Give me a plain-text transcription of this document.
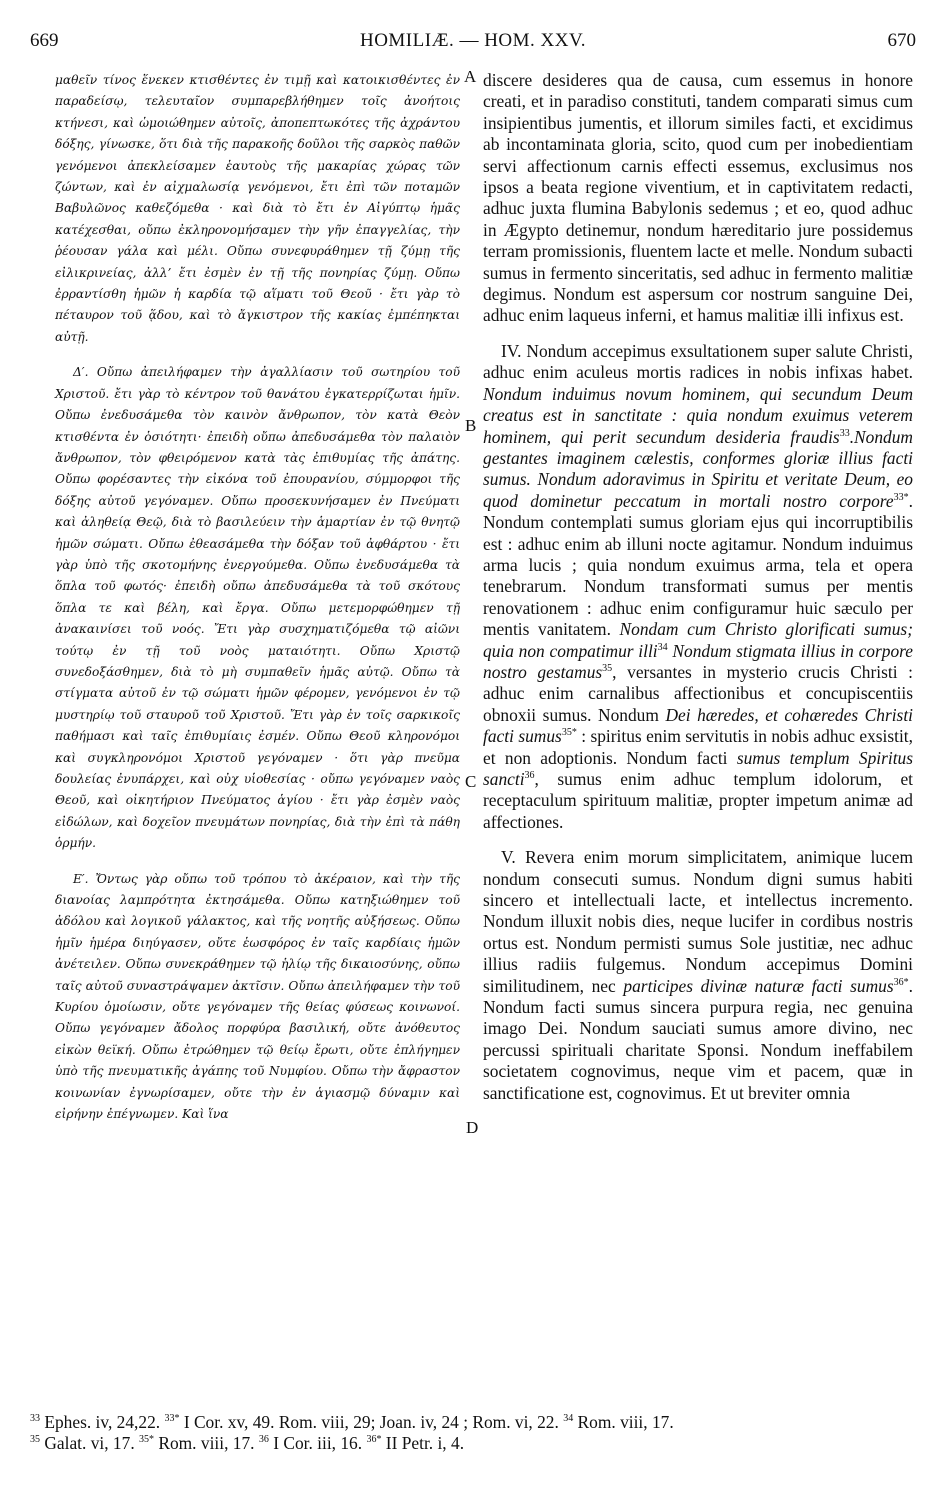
669	HOMILIÆ. — HOM. XXV.	670
A
B
C
D

μαθεῖν τίνος ἕνεκεν κτισθέντες ἐν τιμῇ καὶ κατοικισθέντες ἐν παραδείσῳ, τελευταῖον συμπαρεβλήθημεν τοῖς ἀνοήτοις κτήνεσι, καὶ ὡμοιώθημεν αὐτοῖς, ἀποπεπτωκότες τῆς ἀχράντου δόξης, γίνωσκε, ὅτι διὰ τῆς παρακοῆς δοῦλοι τῆς σαρκὸς παθῶν γενόμενοι ἀπεκλείσαμεν ἑαυτοὺς τῆς μακαρίας χώρας τῶν ζώντων, καὶ ἐν αἰχμαλωσίᾳ γενόμενοι, ἔτι ἐπὶ τῶν ποταμῶν Βαβυλῶνος καθεζόμεθα · καὶ διὰ τὸ ἔτι ἐν Αἰγύπτῳ ἡμᾶς κατέχεσθαι, οὔπω ἐκληρονομήσαμεν τὴν γῆν ἐπαγγελίας, τὴν ῥέουσαν γάλα καὶ μέλι. Οὔπω συνεφυράθημεν τῇ ζύμῃ τῆς εἰλικρινείας, ἀλλ’ ἔτι ἐσμὲν ἐν τῇ τῆς πονηρίας ζύμῃ. Οὔπω ἐρραντίσθη ἡμῶν ἡ καρδία τῷ αἵματι τοῦ Θεοῦ · ἔτι γὰρ τὸ πέταυρον τοῦ ᾅδου, καὶ τὸ ἄγκιστρον τῆς κακίας ἐμπέπηκται αὐτῇ.

Δ′. Οὔπω ἀπειλήφαμεν τὴν ἀγαλλίασιν τοῦ σωτηρίου τοῦ Χριστοῦ. ἔτι γὰρ τὸ κέντρον τοῦ θανάτου ἐγκατερρίζωται ἡμῖν. Οὔπω ἐνεδυσάμεθα τὸν καινὸν ἄνθρωπον, τὸν κατὰ Θεὸν κτισθέντα ἐν ὁσιότητι· ἐπειδὴ οὔπω ἀπεδυσάμεθα τὸν παλαιὸν ἄνθρωπον, τὸν φθειρόμενον κατὰ τὰς ἐπιθυμίας τῆς ἀπάτης. Οὔπω φορέσαντες τὴν εἰκόνα τοῦ ἐπουρανίου, σύμμορφοι τῆς δόξης αὐτοῦ γεγόναμεν. Οὔπω προσεκυνήσαμεν ἐν Πνεύματι καὶ ἀληθείᾳ Θεῷ, διὰ τὸ βασιλεύειν τὴν ἁμαρτίαν ἐν τῷ θνητῷ ἡμῶν σώματι. Οὔπω ἐθεασάμεθα τὴν δόξαν τοῦ ἀφθάρτου · ἔτι γὰρ ὑπὸ τῆς σκοτομήνης ἐνεργούμεθα. Οὔπω ἐνεδυσάμεθα τὰ ὅπλα τοῦ φωτός· ἐπειδὴ οὔπω ἀπεδυσάμεθα τὰ τοῦ σκότους ὅπλα τε καὶ βέλη, καὶ ἔργα. Οὔπω μετεμορφώθημεν τῇ ἀνακαινίσει τοῦ νοός. Ἔτι γὰρ συσχηματιζόμεθα τῷ αἰῶνι τούτῳ ἐν τῇ τοῦ νοὸς ματαιότητι. Οὔπω Χριστῷ συνεδοξάσθημεν, διὰ τὸ μὴ συμπαθεῖν ἡμᾶς αὐτῷ. Οὔπω τὰ στίγματα αὐτοῦ ἐν τῷ σώματι ἡμῶν φέρομεν, γενόμενοι ἐν τῷ μυστηρίῳ τοῦ σταυροῦ τοῦ Χριστοῦ. Ἔτι γὰρ ἐν τοῖς σαρκικοῖς παθήμασι καὶ ταῖς ἐπιθυμίαις ἐσμέν. Οὔπω Θεοῦ κληρονόμοι καὶ συγκληρονόμοι Χριστοῦ γεγόναμεν · ὅτι γὰρ πνεῦμα δουλείας ἐνυπάρχει, καὶ οὐχ υἱοθεσίας · οὔπω γεγόναμεν ναὸς Θεοῦ, καὶ οἰκητήριον Πνεύματος ἁγίου · ἔτι γὰρ ἐσμὲν ναὸς εἰδώλων, καὶ δοχεῖον πνευμάτων πονηρίας, διὰ τὴν ἐπὶ τὰ πάθη ὁρμήν.

Ε′. Ὄντως γὰρ οὔπω τοῦ τρόπου τὸ ἀκέραιον, καὶ τὴν τῆς διανοίας λαμπρότητα ἐκτησάμεθα. Οὔπω κατηξιώθημεν τοῦ ἀδόλου καὶ λογικοῦ γάλακτος, καὶ τῆς νοητῆς αὐξήσεως. Οὔπω ἡμῖν ἡμέρα διηύγασεν, οὔτε ἑωσφόρος ἐν ταῖς καρδίαις ἡμῶν ἀνέτειλεν. Οὔπω συνεκράθημεν τῷ ἡλίῳ τῆς δικαιοσύνης, οὔπω ταῖς αὐτοῦ συναστράψαμεν ἀκτῖσιν. Οὔπω ἀπειλήφαμεν τὴν τοῦ Κυρίου ὁμοίωσιν, οὔτε γεγόναμεν τῆς θείας φύσεως κοινωνοί. Οὔπω γεγόναμεν ἄδολος πορφύρα βασιλική, οὔτε ἀνόθευτος εἰκὼν θεϊκή. Οὔπω ἐτρώθημεν τῷ θείῳ ἔρωτι, οὔτε ἐπλήγημεν ὑπὸ τῆς πνευματικῆς ἀγάπης τοῦ Νυμφίου. Οὔπω τὴν ἄφραστον κοινωνίαν ἐγνωρίσαμεν, οὔτε τὴν ἐν ἁγιασμῷ δύναμιν καὶ εἰρήνην ἐπέγνωμεν. Καὶ ἵνα

discere desideres qua de causa, cum essemus in honore creati, et in paradiso constituti, tandem comparati simus cum insipientibus jumentis, et illorum similes facti, et excidimus ab incontaminata gloria, scito, quod cum per inobedientiam servi affectionum carnis effecti essemus, exclusimus nos ipsos a beata regione viventium, et in captivitatem redacti, adhuc juxta flumina Babylonis sedemus ; et eo, quod adhuc in Ægypto detinemur, nondum hæreditario jure possidemus terram promissionis, fluentem lacte et melle. Nondum subacti sumus in fermento sinceritatis, sed adhuc in fermento malitiæ degimus. Nondum est aspersum cor nostrum sanguine Dei, adhuc enim laqueus inferni, et hamus malitiæ illi infixus est.

IV. Nondum accepimus exsultationem super salute Christi, adhuc enim aculeus mortis radices in nobis infixas habet. Nondum induimus novum hominem, qui secundum Deum creatus est in sanctitate : quia nondum exuimus veterem hominem, qui perit secundum desideria fraudis$^{33}$.Nondum gestantes imaginem cælestis, conformes gloriæ illius facti sumus. Nondum adoravimus in Spiritu et veritate Deum, eo quod dominetur peccatum in mortali nostro corpore$^{33*}$. Nondum contemplati sumus gloriam ejus qui incorruptibilis est : adhuc enim ab illuni nocte agitamur. Nondum induimus arma lucis ; quia nondum exuimus arma, tela et opera tenebrarum. Nondum transformati sumus per mentis renovationem : adhuc enim configuramur huic sæculo per mentis vanitatem. Nondam cum Christo glorificati sumus; quia non compatimur illi$^{34}$ Nondum stigmata illius in corpore nostro gestamus$^{35}$, versantes in mysterio crucis Christi : adhuc enim carnalibus affectionibus et concupiscentiis obnoxii sumus. Nondum Dei hæredes, et cohæredes Christi facti sumus$^{35*}$ : spiritus enim servitutis in nobis adhuc exsistit, et non adoptionis. Nondum facti sumus templum Spiritus sancti$^{36}$, sumus enim adhuc templum idolorum, et receptaculum spirituum malitiæ, propter impetum animæ ad affectiones.

V. Revera enim morum simplicitatem, animique lucem nondum consecuti sumus. Nondum digni sumus habiti sincero et intellectuali lacte, et intellectus incremento. Nondum illuxit nobis dies, neque lucifer in cordibus nostris ortus est. Nondum permisti sumus Sole justitiæ, nec adhuc illius radiis fulgemus. Nondum accepimus Domini similitudinem, nec participes divinæ naturæ facti sumus$^{36*}$. Nondum facti sumus sincera purpura regia, nec genuina imago Dei. Nondum sauciati sumus amore divino, nec percussi spirituali charitate Sponsi. Nondum ineffabilem societatem cognovimus, neque vim et pacem, quæ in sanctificatione est, cognovimus. Et ut breviter omnia

$^{33}$ Ephes. iv, 24,22. $^{33*}$ I Cor. xv, 49. Rom. viii, 29; Joan. iv, 24 ; Rom. vi, 22. $^{34}$ Rom. viii, 17.

$^{35}$ Galat. vi, 17. $^{35*}$ Rom. viii, 17. $^{36}$ I Cor. iii, 16. $^{36*}$ II Petr. i, 4.
